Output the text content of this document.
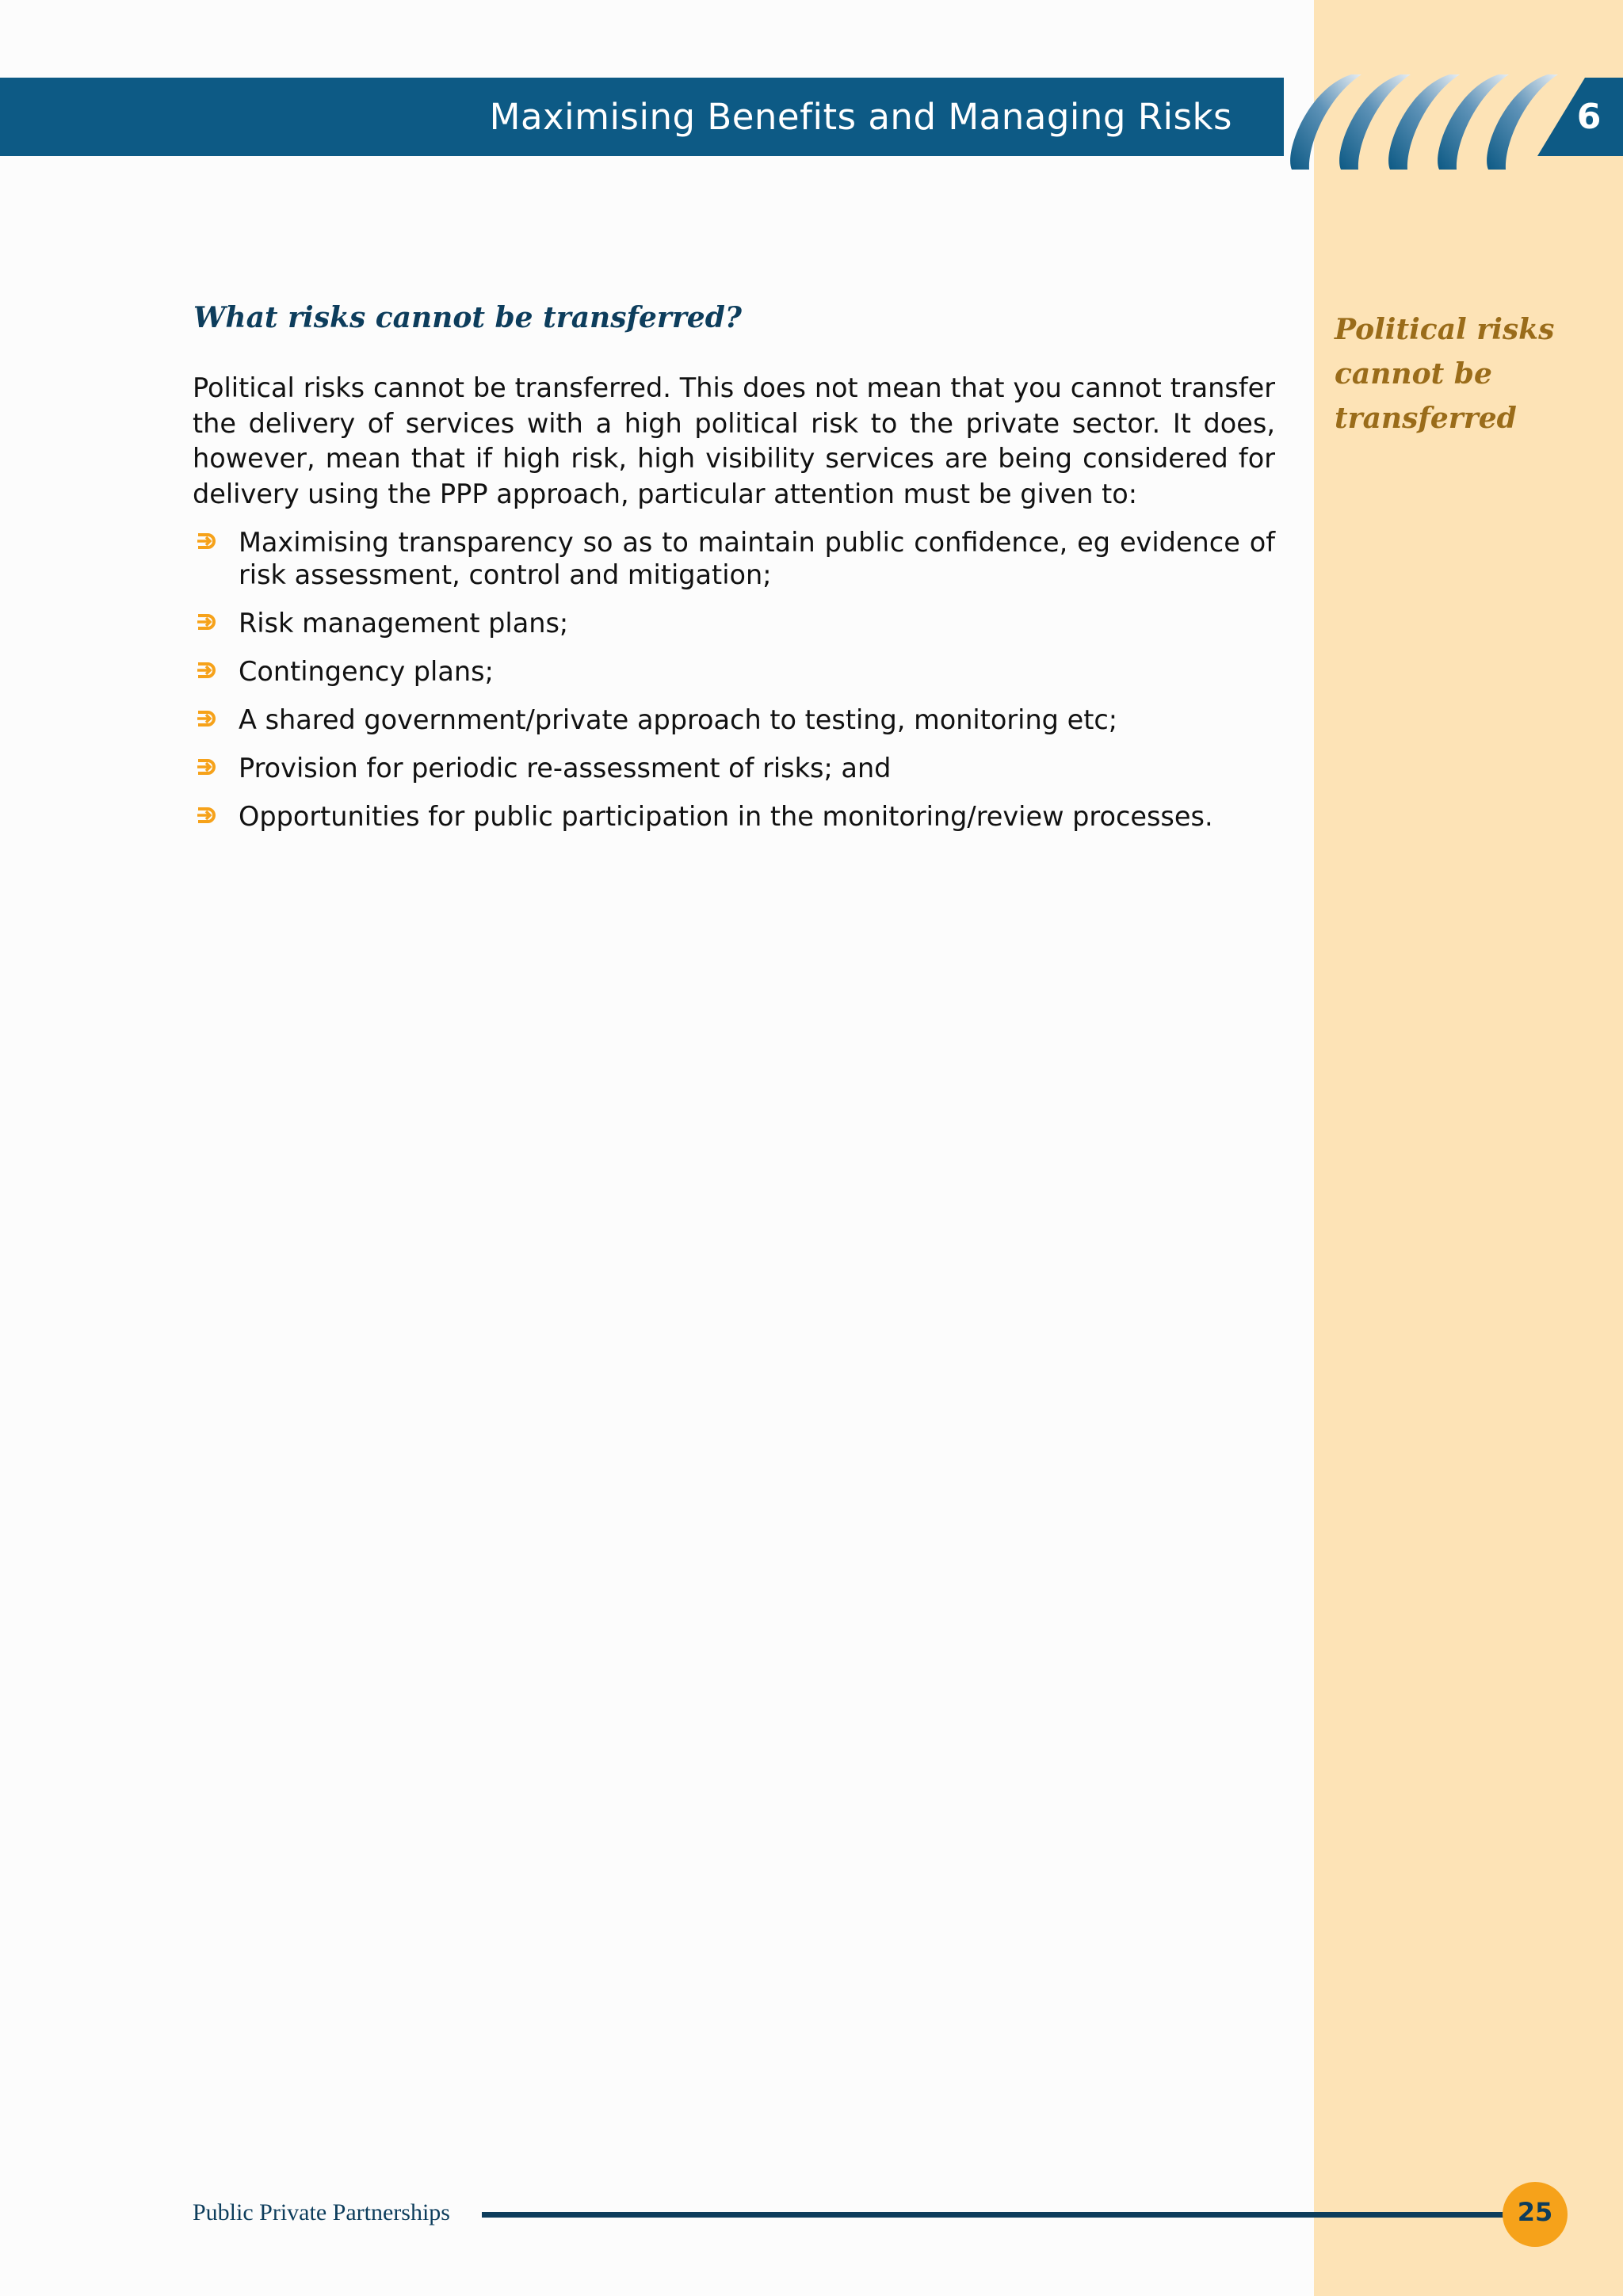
Maximising Benefits and Managing Risks	6
What risks cannot be transferred?

Political risks cannot be transferred. This does not mean that you cannot transfer the delivery of services with a high political risk to the private sector. It does, however, mean that if high risk, high visibility services are being considered for delivery using the PPP approach, particular attention must be given to:

Maximising transparency so as to maintain public confidence, eg evidence of risk assessment, control and mitigation;
Risk management plans;
Contingency plans;
A shared government/private approach to testing, monitoring etc;
Provision for periodic re-assessment of risks; and
Opportunities for public participation in the monitoring/review processes.
Political risks cannot be transferred
Public Private Partnerships	25
